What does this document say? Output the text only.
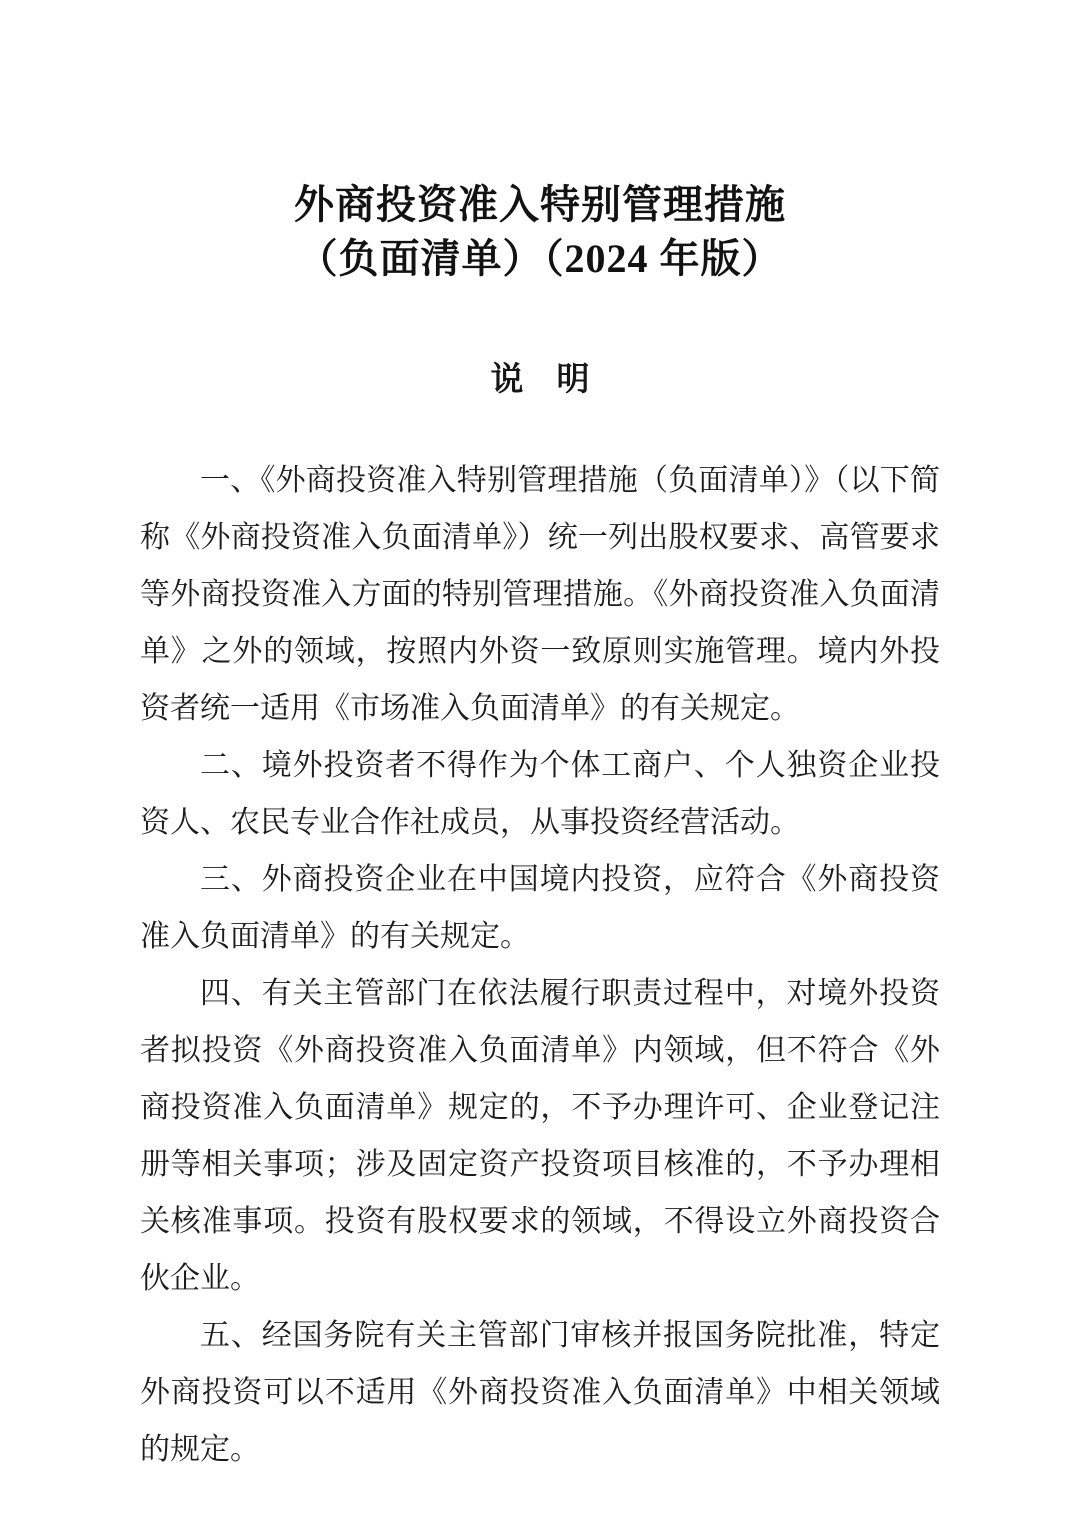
外商投资准入特别管理措施
（负面清单）（2024 年版）
说　明

一、《外商投资准入特别管理措施（负面清单）》（以下简称《外商投资准入负面清单》）统一列出股权要求、高管要求等外商投资准入方面的特别管理措施。《外商投资准入负面清单》之外的领域，按照内外资一致原则实施管理。境内外投资者统一适用《市场准入负面清单》的有关规定。

二、境外投资者不得作为个体工商户、个人独资企业投资人、农民专业合作社成员，从事投资经营活动。

三、外商投资企业在中国境内投资，应符合《外商投资准入负面清单》的有关规定。

四、有关主管部门在依法履行职责过程中，对境外投资者拟投资《外商投资准入负面清单》内领域，但不符合《外商投资准入负面清单》规定的，不予办理许可、企业登记注册等相关事项；涉及固定资产投资项目核准的，不予办理相关核准事项。投资有股权要求的领域，不得设立外商投资合伙企业。

五、经国务院有关主管部门审核并报国务院批准，特定外商投资可以不适用《外商投资准入负面清单》中相关领域的规定。
